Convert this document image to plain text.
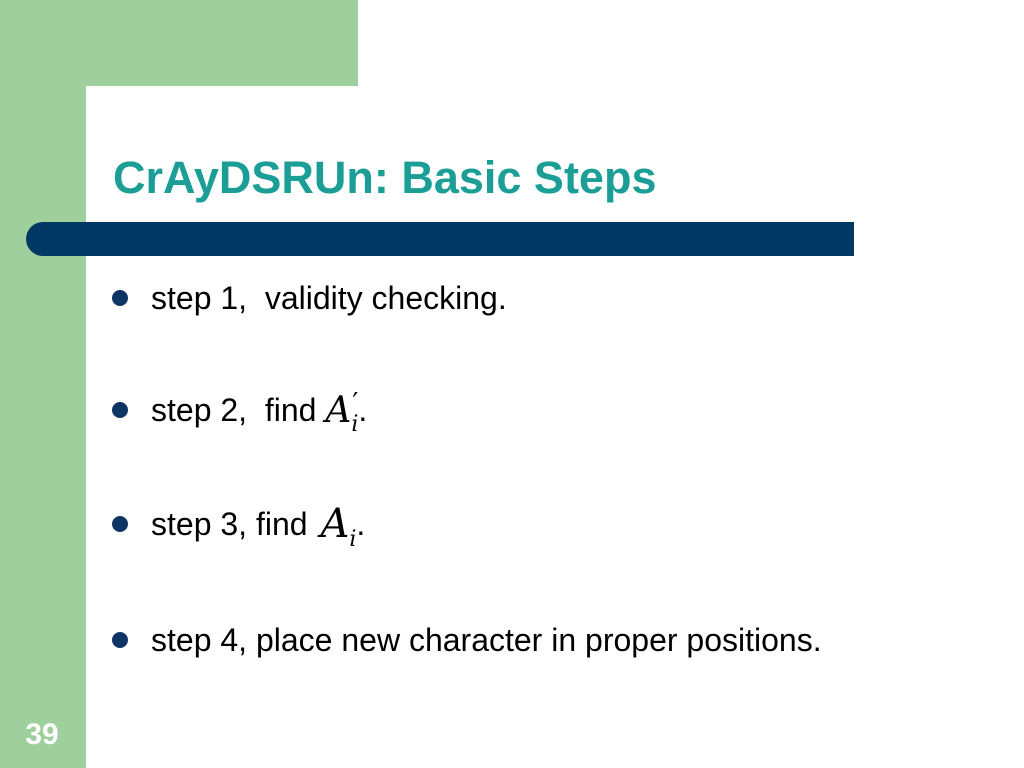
CrAyDSRUn: Basic Steps
step 1,  validity checking.
step 2,  find A ′
$_i$ .
step 3, find $A_i$ .
step 4, place new character in proper positions.
39
